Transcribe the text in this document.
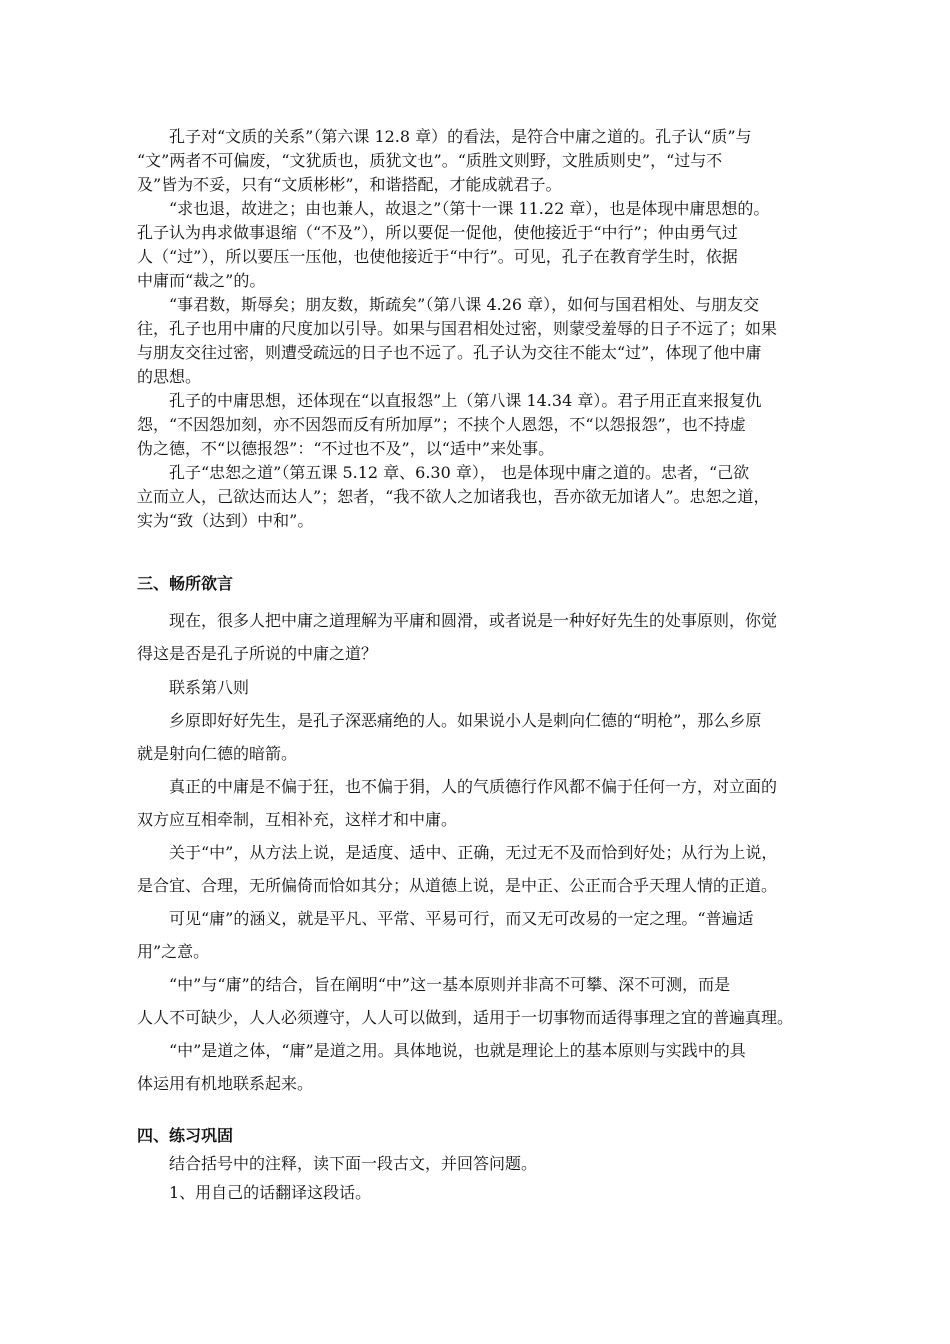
孔子对“文质的关系”（第六课 12.8 章）的看法，是符合中庸之道的。孔子认“质”与
“文”两者不可偏废，“文犹质也，质犹文也”。“质胜文则野，文胜质则史”，“过与不
及”皆为不妥，只有“文质彬彬”，和谐搭配，才能成就君子。
“求也退，故进之；由也兼人，故退之”（第十一课 11.22 章），也是体现中庸思想的。
孔子认为冉求做事退缩（“不及”），所以要促一促他，使他接近于“中行”；仲由勇气过
人（“过”），所以要压一压他，也使他接近于“中行”。可见，孔子在教育学生时，依据
中庸而“裁之”的。
“事君数，斯辱矣；朋友数，斯疏矣”（第八课 4.26 章），如何与国君相处、与朋友交
往，孔子也用中庸的尺度加以引导。如果与国君相处过密，则蒙受羞辱的日子不远了；如果
与朋友交往过密，则遭受疏远的日子也不远了。孔子认为交往不能太“过”，体现了他中庸
的思想。
孔子的中庸思想，还体现在“以直报怨”上（第八课 14.34 章）。君子用正直来报复仇
怨，“不因怨加刻，亦不因怨而反有所加厚”；不挟个人恩怨，不“以怨报怨”，也不持虚
伪之德，不“以德报怨”：“不过也不及”，以“适中”来处事。
孔子“忠恕之道”（第五课 5.12 章、6.30 章）， 也是体现中庸之道的。忠者，“己欲
立而立人，己欲达而达人”；恕者，“我不欲人之加诸我也，吾亦欲无加诸人”。忠恕之道，
实为“致（达到）中和”。
三、畅所欲言
现在，很多人把中庸之道理解为平庸和圆滑，或者说是一种好好先生的处事原则，你觉
得这是否是孔子所说的中庸之道？
联系第八则
乡原即好好先生，是孔子深恶痛绝的人。如果说小人是刺向仁德的“明枪”，那么乡原
就是射向仁德的暗箭。
真正的中庸是不偏于狂，也不偏于狷，人的气质德行作风都不偏于任何一方，对立面的
双方应互相牵制，互相补充，这样才和中庸。
关于“中”，从方法上说，是适度、适中、正确，无过无不及而恰到好处；从行为上说，
是合宜、合理，无所偏倚而恰如其分；从道德上说，是中正、公正而合乎天理人情的正道。
可见“庸”的涵义，就是平凡、平常、平易可行，而又无可改易的一定之理。“普遍适
用”之意。
“中”与“庸”的结合，旨在阐明“中”这一基本原则并非高不可攀、深不可测，而是
人人不可缺少，人人必须遵守，人人可以做到，适用于一切事物而适得事理之宜的普遍真理。
“中”是道之体，“庸”是道之用。具体地说，也就是理论上的基本原则与实践中的具
体运用有机地联系起来。
四、练习巩固
结合括号中的注释，读下面一段古文，并回答问题。
1、用自己的话翻译这段话。
